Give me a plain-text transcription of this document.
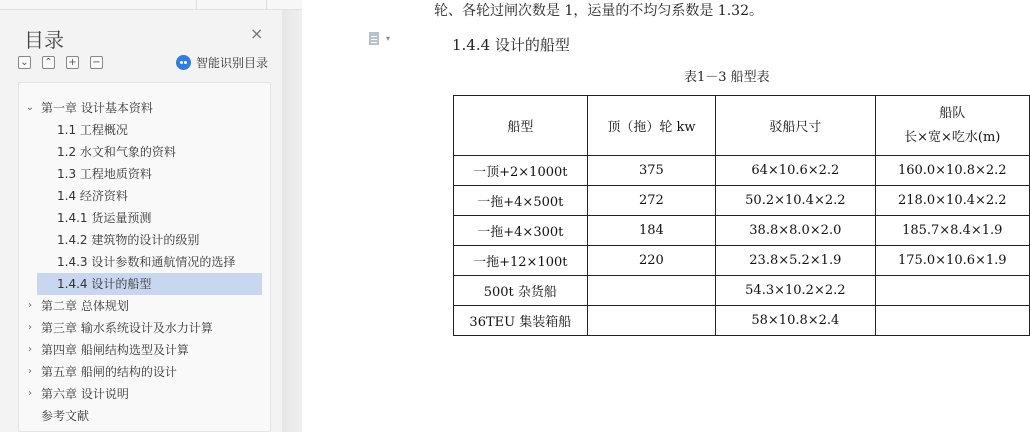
目录	×
⌄ ⌃ + −	智能识别目录
⌄ 第一章 设计基本资料
1.1 工程概况
1.2 水文和气象的资料
1.3 工程地质资料
1.4 经济资料
1.4.1 货运量预测
1.4.2 建筑物的设计的级别
1.4.3 设计参数和通航情况的选择
1.4.4 设计的船型
› 第二章 总体规划
› 第三章 输水系统设计及水力计算
› 第四章 船闸结构选型及计算
› 第五章 船闸的结构的设计
› 第六章 设计说明
参考文献
轮、各轮过闸次数是 1，运量的不均匀系数是 1.32。
▾	1.4.4 设计的船型
表1－3 船型表
船型	顶（拖）轮 kw	驳船尺寸	船队
长×宽×吃水(m)
一顶+2×1000t	375	64×10.6×2.2	160.0×10.8×2.2
一拖+4×500t	272	50.2×10.4×2.2	218.0×10.4×2.2
一拖+4×300t	184	38.8×8.0×2.0	185.7×8.4×1.9
一拖+12×100t	220	23.8×5.2×1.9	175.0×10.6×1.9
500t 杂货船		54.3×10.2×2.2	
36TEU 集装箱船		58×10.8×2.4	
